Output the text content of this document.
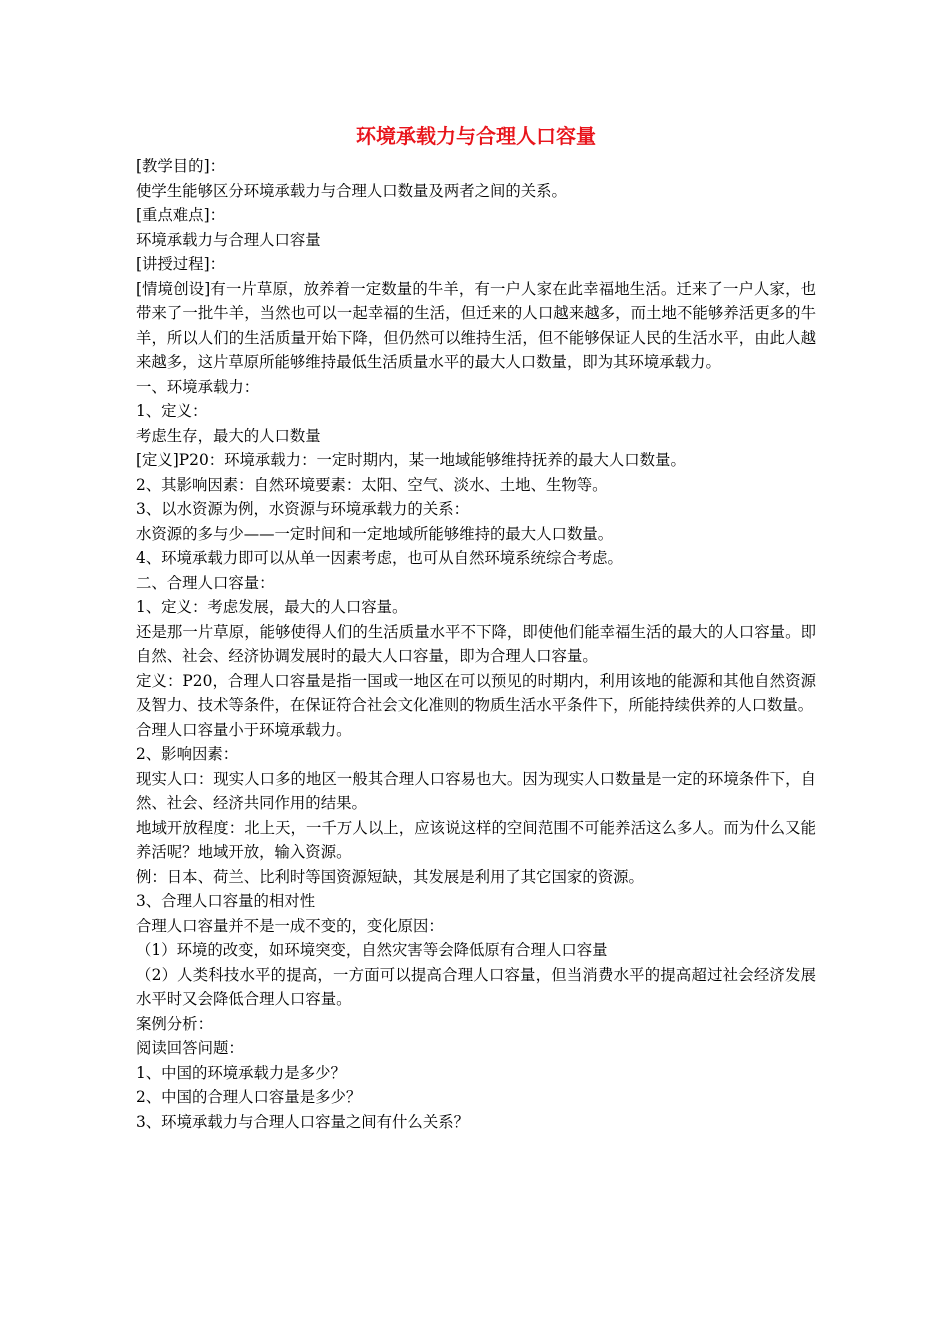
环境承载力与合理人口容量

[教学目的]：

使学生能够区分环境承载力与合理人口数量及两者之间的关系。

[重点难点]：

环境承载力与合理人口容量

[讲授过程]：

[情境创设]有一片草原，放养着一定数量的牛羊，有一户人家在此幸福地生活。迁来了一户人家，也带来了一批牛羊，当然也可以一起幸福的生活，但迁来的人口越来越多，而土地不能够养活更多的牛羊，所以人们的生活质量开始下降，但仍然可以维持生活，但不能够保证人民的生活水平，由此人越来越多，这片草原所能够维持最低生活质量水平的最大人口数量，即为其环境承载力。

一、环境承载力：

1、定义：

考虑生存，最大的人口数量

[定义]P20：环境承载力：一定时期内，某一地域能够维持抚养的最大人口数量。

2、其影响因素：自然环境要素：太阳、空气、淡水、土地、生物等。

3、以水资源为例，水资源与环境承载力的关系：

水资源的多与少——一定时间和一定地域所能够维持的最大人口数量。

4、环境承载力即可以从单一因素考虑，也可从自然环境系统综合考虑。

二、合理人口容量：

1、定义：考虑发展，最大的人口容量。

还是那一片草原，能够使得人们的生活质量水平不下降，即使他们能幸福生活的最大的人口容量。即自然、社会、经济协调发展时的最大人口容量，即为合理人口容量。

定义：P20，合理人口容量是指一国或一地区在可以预见的时期内，利用该地的能源和其他自然资源及智力、技术等条件，在保证符合社会文化准则的物质生活水平条件下，所能持续供养的人口数量。

合理人口容量小于环境承载力。

2、影响因素：

现实人口：现实人口多的地区一般其合理人口容易也大。因为现实人口数量是一定的环境条件下，自然、社会、经济共同作用的结果。

地域开放程度：北上天，一千万人以上，应该说这样的空间范围不可能养活这么多人。而为什么又能养活呢？地域开放，输入资源。

例：日本、荷兰、比利时等国资源短缺，其发展是利用了其它国家的资源。

3、合理人口容量的相对性

合理人口容量并不是一成不变的，变化原因：

（1）环境的改变，如环境突变，自然灾害等会降低原有合理人口容量

（2）人类科技水平的提高，一方面可以提高合理人口容量，但当消费水平的提高超过社会经济发展水平时又会降低合理人口容量。

案例分析：

阅读回答问题：

1、中国的环境承载力是多少？

2、中国的合理人口容量是多少？

3、环境承载力与合理人口容量之间有什么关系？
